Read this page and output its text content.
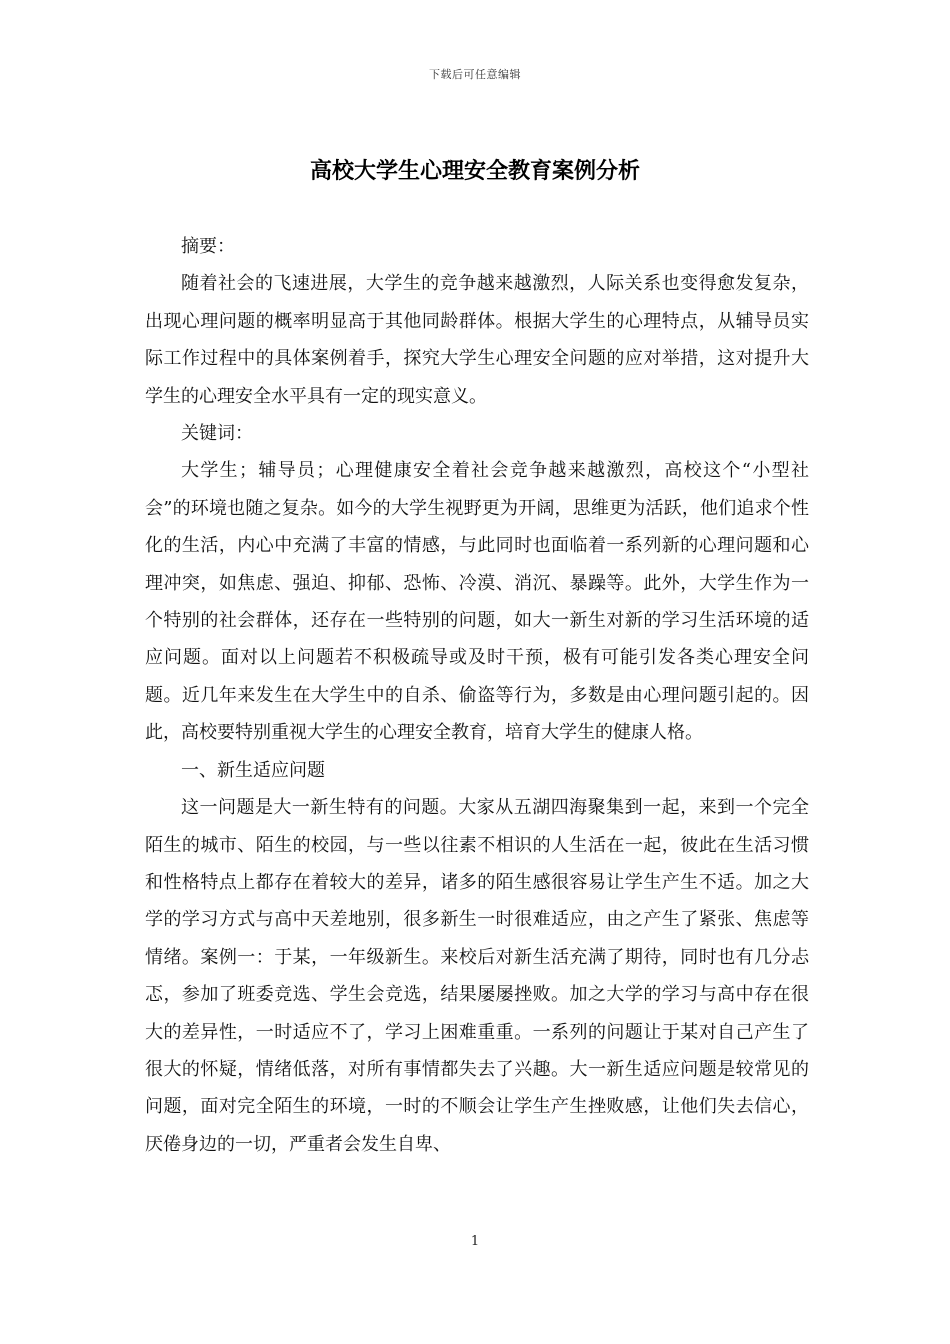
下载后可任意编辑
高校大学生心理安全教育案例分析

摘要：

随着社会的飞速进展，大学生的竞争越来越激烈，人际关系也变得愈发复杂，出现心理问题的概率明显高于其他同龄群体。根据大学生的心理特点，从辅导员实际工作过程中的具体案例着手，探究大学生心理安全问题的应对举措，这对提升大学生的心理安全水平具有一定的现实意义。

关键词：

大学生；辅导员；心理健康安全着社会竞争越来越激烈，高校这个“小型社会”的环境也随之复杂。如今的大学生视野更为开阔，思维更为活跃，他们追求个性化的生活，内心中充满了丰富的情感，与此同时也面临着一系列新的心理问题和心理冲突，如焦虑、强迫、抑郁、恐怖、冷漠、消沉、暴躁等。此外，大学生作为一个特别的社会群体，还存在一些特别的问题，如大一新生对新的学习生活环境的适应问题。面对以上问题若不积极疏导或及时干预，极有可能引发各类心理安全问题。近几年来发生在大学生中的自杀、偷盗等行为，多数是由心理问题引起的。因此，高校要特别重视大学生的心理安全教育，培育大学生的健康人格。

一、新生适应问题

这一问题是大一新生特有的问题。大家从五湖四海聚集到一起，来到一个完全陌生的城市、陌生的校园，与一些以往素不相识的人生活在一起，彼此在生活习惯和性格特点上都存在着较大的差异，诸多的陌生感很容易让学生产生不适。加之大学的学习方式与高中天差地别，很多新生一时很难适应，由之产生了紧张、焦虑等情绪。案例一：于某，一年级新生。来校后对新生活充满了期待，同时也有几分忐忑，参加了班委竞选、学生会竞选，结果屡屡挫败。加之大学的学习与高中存在很大的差异性，一时适应不了，学习上困难重重。一系列的问题让于某对自己产生了很大的怀疑，情绪低落，对所有事情都失去了兴趣。大一新生适应问题是较常见的问题，面对完全陌生的环境，一时的不顺会让学生产生挫败感，让他们失去信心，厌倦身边的一切，严重者会发生自卑、

1
